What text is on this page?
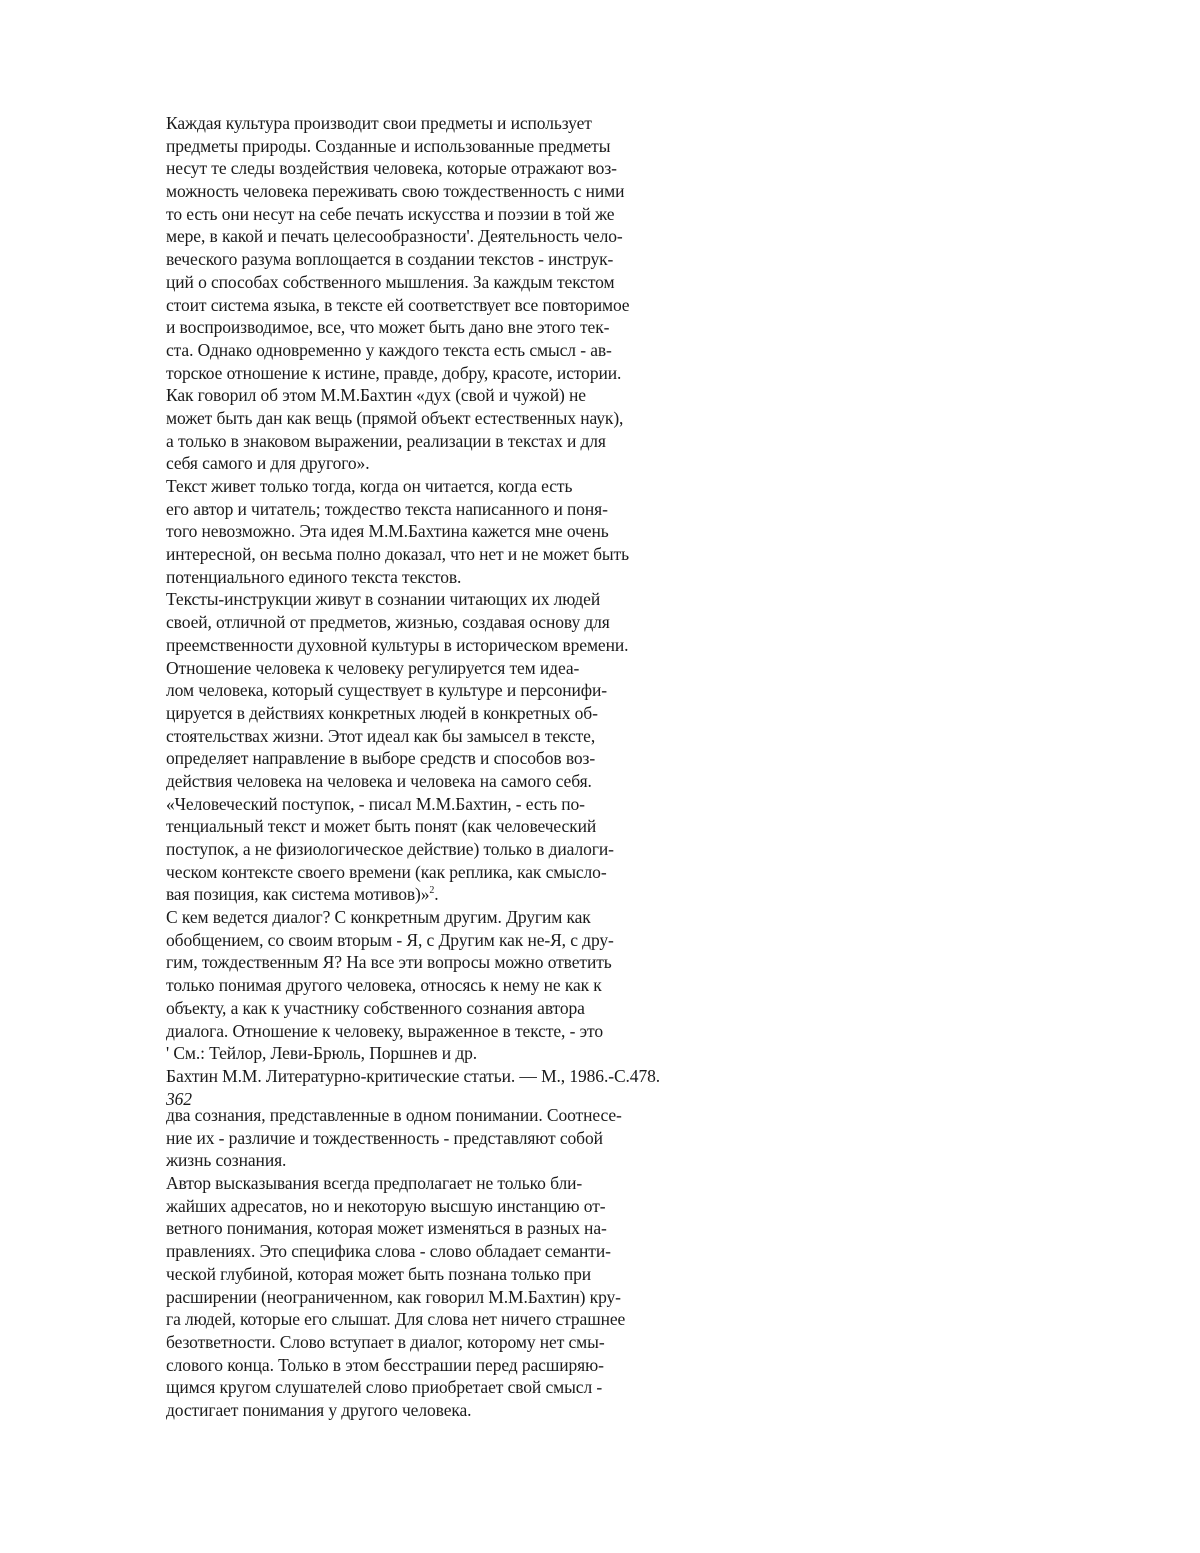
Каждая культура производит свои предметы и использует
предметы природы. Созданные и использованные предметы
несут те следы воздействия человека, которые отражают воз-
можность человека переживать свою тождественность с ними
то есть они несут на себе печать искусства и поэзии в той же
мере, в какой и печать целесообразности'. Деятельность чело-
веческого разума воплощается в создании текстов - инструк-
ций о способах собственного мышления. За каждым текстом
стоит система языка, в тексте ей соответствует все повторимое
и воспроизводимое, все, что может быть дано вне этого тек-
ста. Однако одновременно у каждого текста есть смысл - ав-
торское отношение к истине, правде, добру, красоте, истории.
Как говорил об этом М.М.Бахтин «дух (свой и чужой) не
может быть дан как вещь (прямой объект естественных наук),
а только в знаковом выражении, реализации в текстах и для
себя самого и для другого».
Текст живет только тогда, когда он читается, когда есть
его автор и читатель; тождество текста написанного и поня-
того невозможно. Эта идея М.М.Бахтина кажется мне очень
интересной, он весьма полно доказал, что нет и не может быть
потенциального единого текста текстов.
Тексты-инструкции живут в сознании читающих их людей
своей, отличной от предметов, жизнью, создавая основу для
преемственности духовной культуры в историческом времени.
Отношение человека к человеку регулируется тем идеа-
лом человека, который существует в культуре и персонифи-
цируется в действиях конкретных людей в конкретных об-
стоятельствах жизни. Этот идеал как бы замысел в тексте,
определяет направление в выборе средств и способов воз-
действия человека на человека и человека на самого себя.
«Человеческий поступок, - писал М.М.Бахтин, - есть по-
тенциальный текст и может быть понят (как человеческий
поступок, а не физиологическое действие) только в диалоги-
ческом контексте своего времени (как реплика, как смысло-
вая позиция, как система мотивов)»$^2$.
С кем ведется диалог? С конкретным другим. Другим как
обобщением, со своим вторым - Я, с Другим как не-Я, с дру-
гим, тождественным Я? На все эти вопросы можно ответить
только понимая другого человека, относясь к нему не как к
объекту, а как к участнику собственного сознания автора
диалога. Отношение к человеку, выраженное в тексте, - это
' См.: Тейлор, Леви-Брюль, Поршнев и др.
Бахтин М.М. Литературно-критические статьи. — М., 1986.-С.478.
362
два сознания, представленные в одном понимании. Соотнесе-
ние их - различие и тождественность - представляют собой
жизнь сознания.
Автор высказывания всегда предполагает не только бли-
жайших адресатов, но и некоторую высшую инстанцию от-
ветного понимания, которая может изменяться в разных на-
правлениях. Это специфика слова - слово обладает семанти-
ческой глубиной, которая может быть познана только при
расширении (неограниченном, как говорил М.М.Бахтин) кру-
га людей, которые его слышат. Для слова нет ничего страшнее
безответности. Слово вступает в диалог, которому нет смы-
слового конца. Только в этом бесстрашии перед расширяю-
щимся кругом слушателей слово приобретает свой смысл -
достигает понимания у другого человека.
